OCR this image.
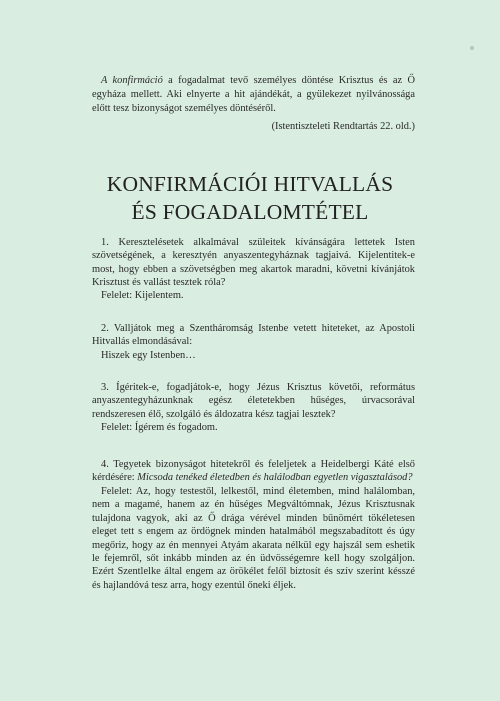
A konfirmáció a fogadalmat tevő személyes döntése Krisztus és az Ő egyháza mellett. Aki elnyerte a hit ajándékát, a gyülekezet nyilvánossága előtt tesz bizonyságot személyes döntéséről.

(Istentiszteleti Rendtartás 22. old.)

KONFIRMÁCIÓI HITVALLÁS
ÉS FOGADALOMTÉTEL

1. Keresztelésetek alkalmával szüleitek kívánságára lettetek Isten szövetségének, a keresztyén anyaszentegyháznak tagjaivá. Kijelentitek-e most, hogy ebben a szövetségben meg akartok maradni, követni kívánjátok Krisztust és vallást tesztek róla?

Felelet: Kijelentem.

2. Valljátok meg a Szentháromság Istenbe vetett hiteteket, az Apostoli Hitvallás elmondásával:

Hiszek egy Istenben…

3. Ígéritek-e, fogadjátok-e, hogy Jézus Krisztus követői, református anyaszentegyházunknak egész életetekben hűséges, úrvacsorával rendszeresen élő, szolgáló és áldozatra kész tagjai lesztek?

Felelet: Ígérem és fogadom.

4. Tegyetek bizonyságot hitetekről és feleljetek a Heidelbergi Káté első kérdésére: Micsoda tenéked életedben és halálodban egyetlen vigasztalásod?

Felelet: Az, hogy testestől, lelkestől, mind életemben, mind halálomban, nem a magamé, hanem az én hűséges Megváltómnak, Jézus Krisztusnak tulajdona vagyok, aki az Ő drága vérével minden bűnömért tökéletesen eleget tett s engem az ördögnek minden hatalmából megszabadított és úgy megőriz, hogy az én mennyei Atyám akarata nélkül egy hajszál sem eshetik le fejemről, sőt inkább minden az én üdvösségemre kell hogy szolgáljon. Ezért Szentlelke által engem az örökélet felől biztosít és szív szerint késszé és hajlandóvá tesz arra, hogy ezentúl őneki éljek.
